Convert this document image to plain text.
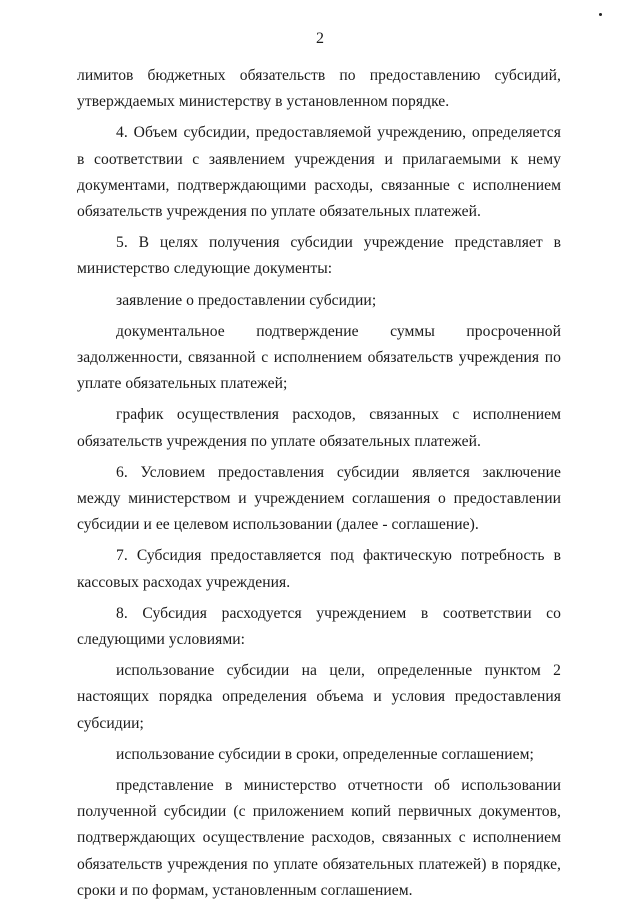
2

лимитов бюджетных обязательств по предоставлению субсидий, утверждаемых министерству в установленном порядке.

4. Объем субсидии, предоставляемой учреждению, определяется в соответствии с заявлением учреждения и прилагаемыми к нему документами, подтверждающими расходы, связанные с исполнением обязательств учреждения по уплате обязательных платежей.

5. В целях получения субсидии учреждение представляет в министерство следующие документы:

заявление о предоставлении субсидии;

документальное подтверждение суммы просроченной задолженности, связанной с исполнением обязательств учреждения по уплате обязательных платежей;

график осуществления расходов, связанных с исполнением обязательств учреждения по уплате обязательных платежей.

6. Условием предоставления субсидии является заключение между министерством и учреждением соглашения о предоставлении субсидии и ее целевом использовании (далее - соглашение).

7. Субсидия предоставляется под фактическую потребность в кассовых расходах учреждения.

8. Субсидия расходуется учреждением в соответствии со следующими условиями:

использование субсидии на цели, определенные пунктом 2 настоящих порядка определения объема и условия предоставления субсидии;

использование субсидии в сроки, определенные соглашением;

представление в министерство отчетности об использовании полученной субсидии (с приложением копий первичных документов, подтверждающих осуществление расходов, связанных с исполнением обязательств учреждения по уплате обязательных платежей) в порядке, сроки и по формам, установленным соглашением.
